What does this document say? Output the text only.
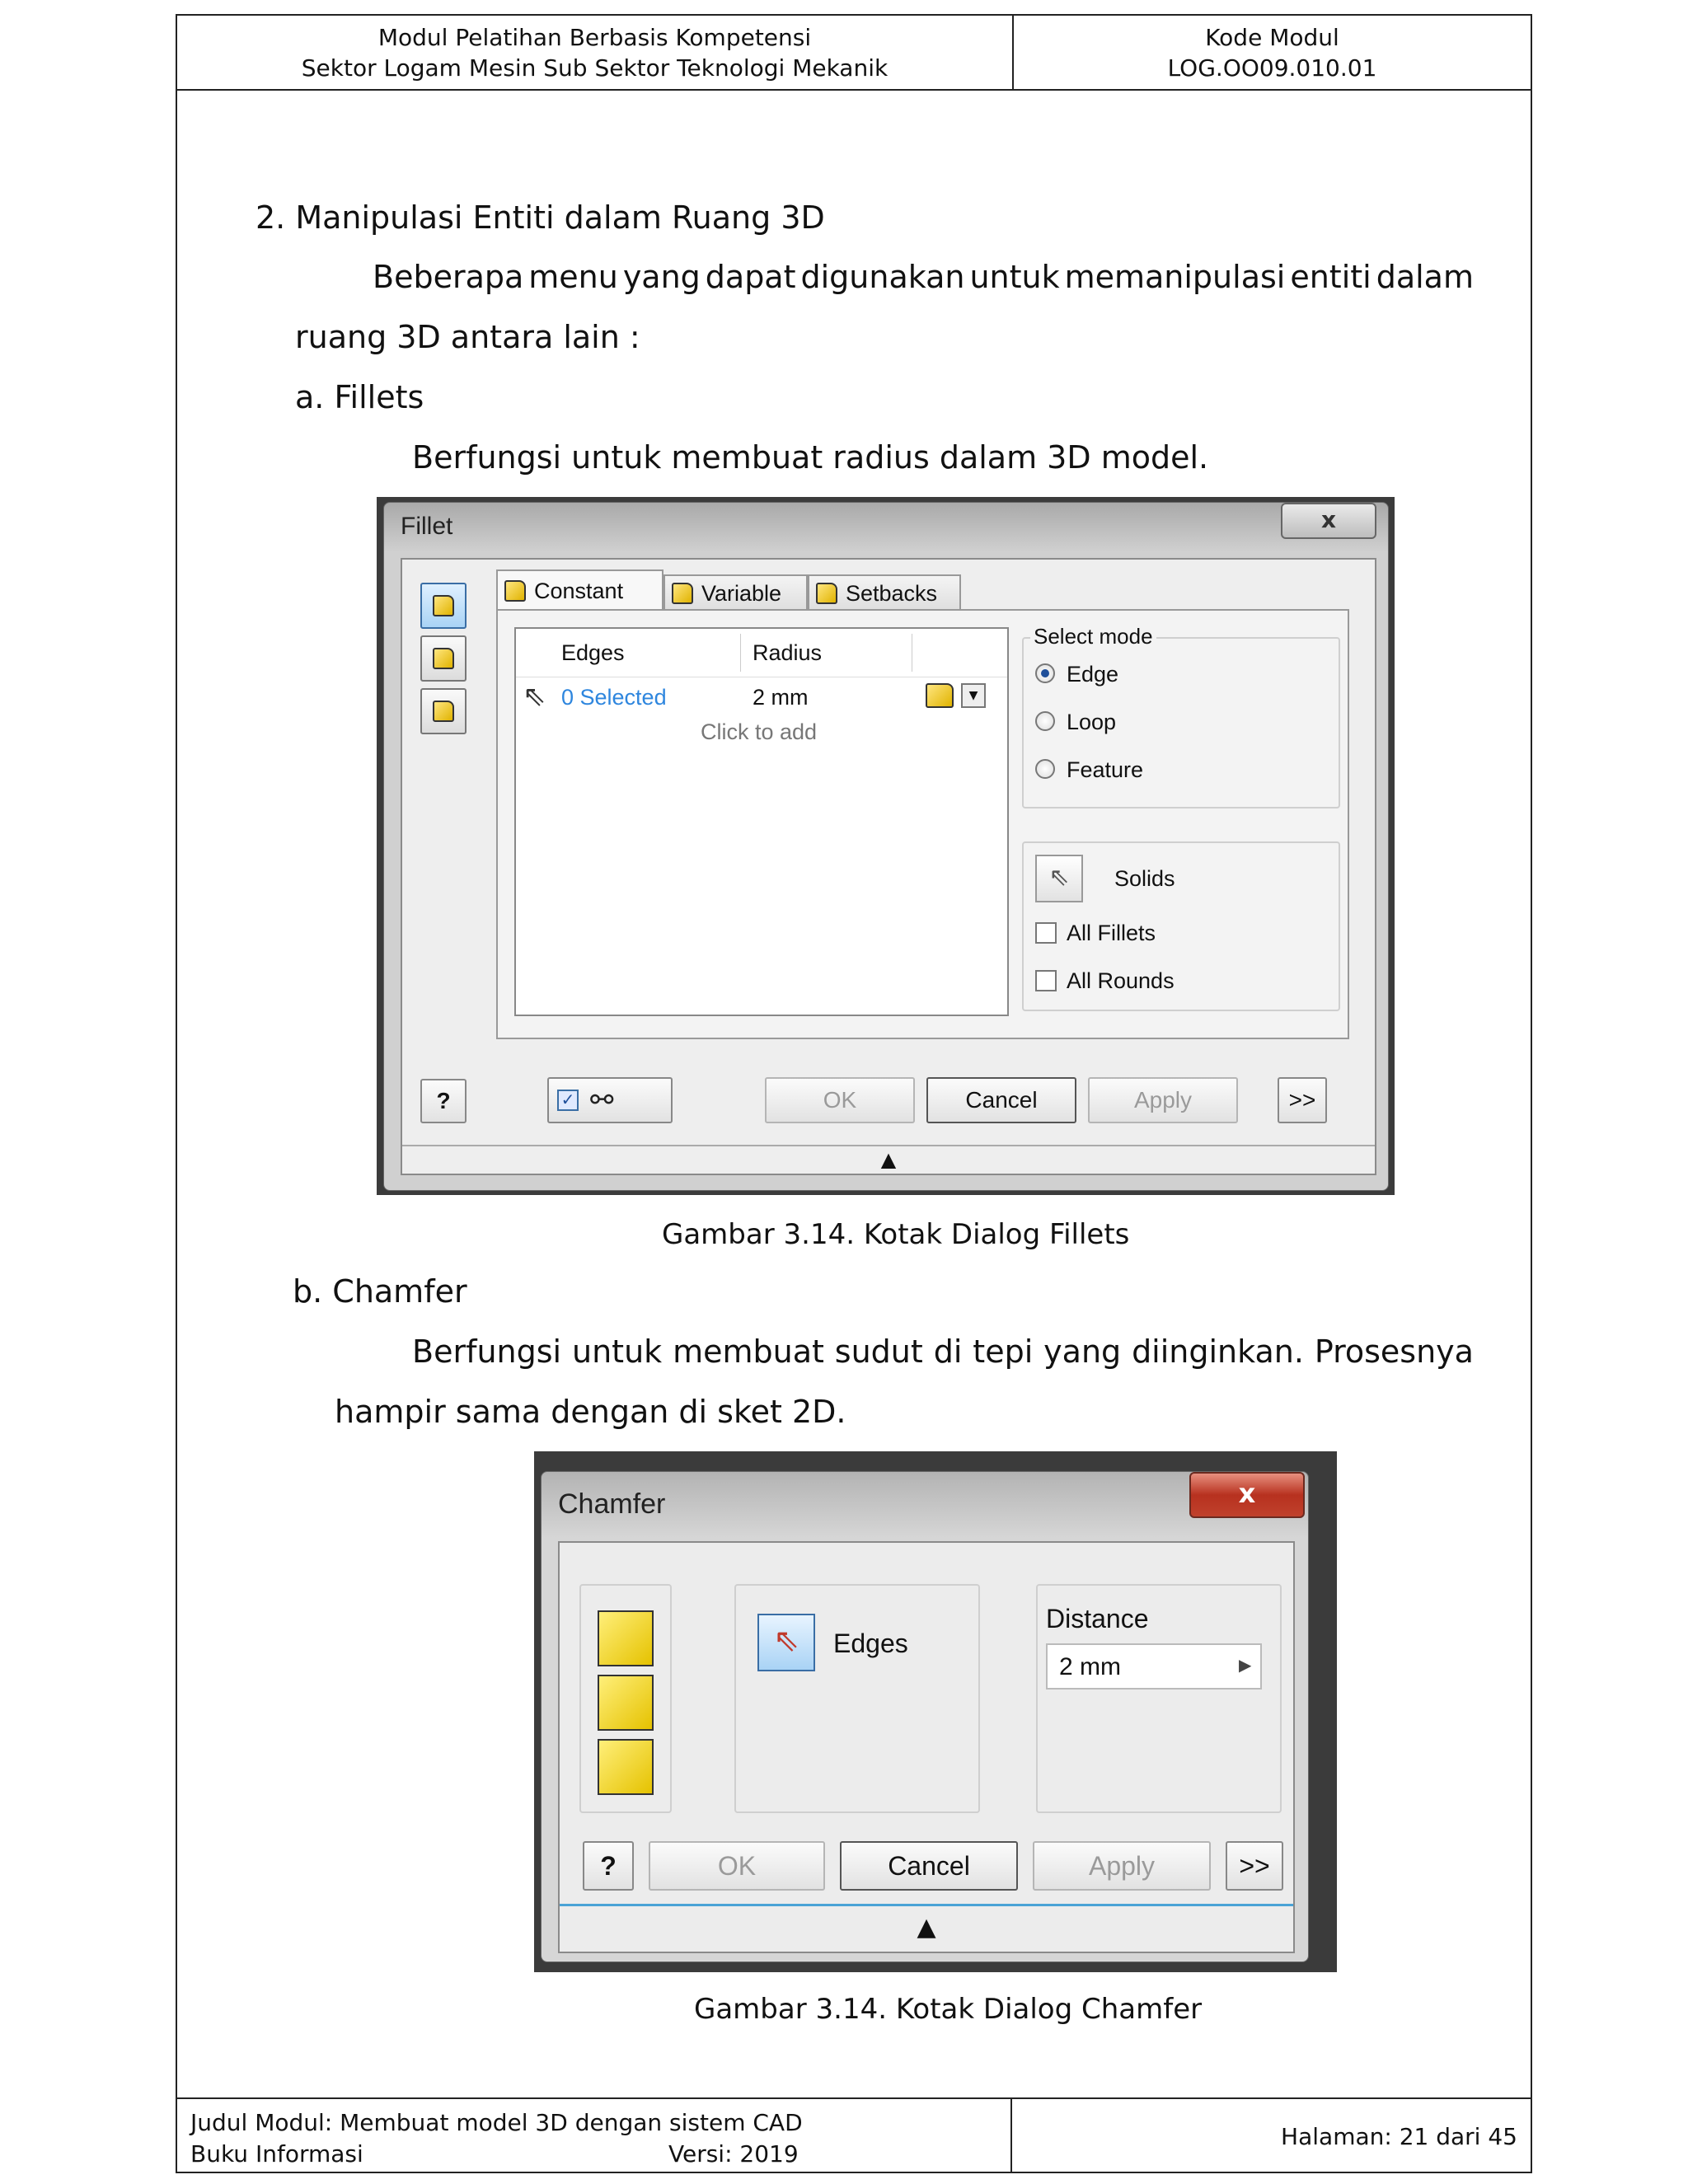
Modul Pelatihan Berbasis Kompetensi
Sektor Logam Mesin Sub Sektor Teknologi Mekanik
Kode Modul
LOG.OO09.010.01
2. Manipulasi Entiti dalam Ruang 3D
Beberapa menu yang dapat digunakan untuk memanipulasi entiti dalam
ruang 3D antara lain :
a. Fillets
Berfungsi untuk membuat radius dalam 3D model.
Fillet	x
Constant	Variable	Setbacks
Edges	Radius
⇖ 0 Selected	2 mm	▼
Click to add
Select mode
Edge
Loop
Feature
⇖	Solids
All Fillets
All Rounds
?	✓ ⚯	OK	Cancel	Apply	>>
▲
Gambar 3.14. Kotak Dialog Fillets
b. Chamfer
Berfungsi untuk membuat sudut di tepi yang diinginkan. Prosesnya
hampir sama dengan di sket 2D.
Chamfer	x
⇖	Edges
Distance
2 mm	▶
?	OK	Cancel	Apply	>>
▲
Gambar 3.14. Kotak Dialog Chamfer
Judul Modul: Membuat model 3D dengan sistem CAD
Buku Informasi	Versi: 2019
Halaman: 21 dari 45
